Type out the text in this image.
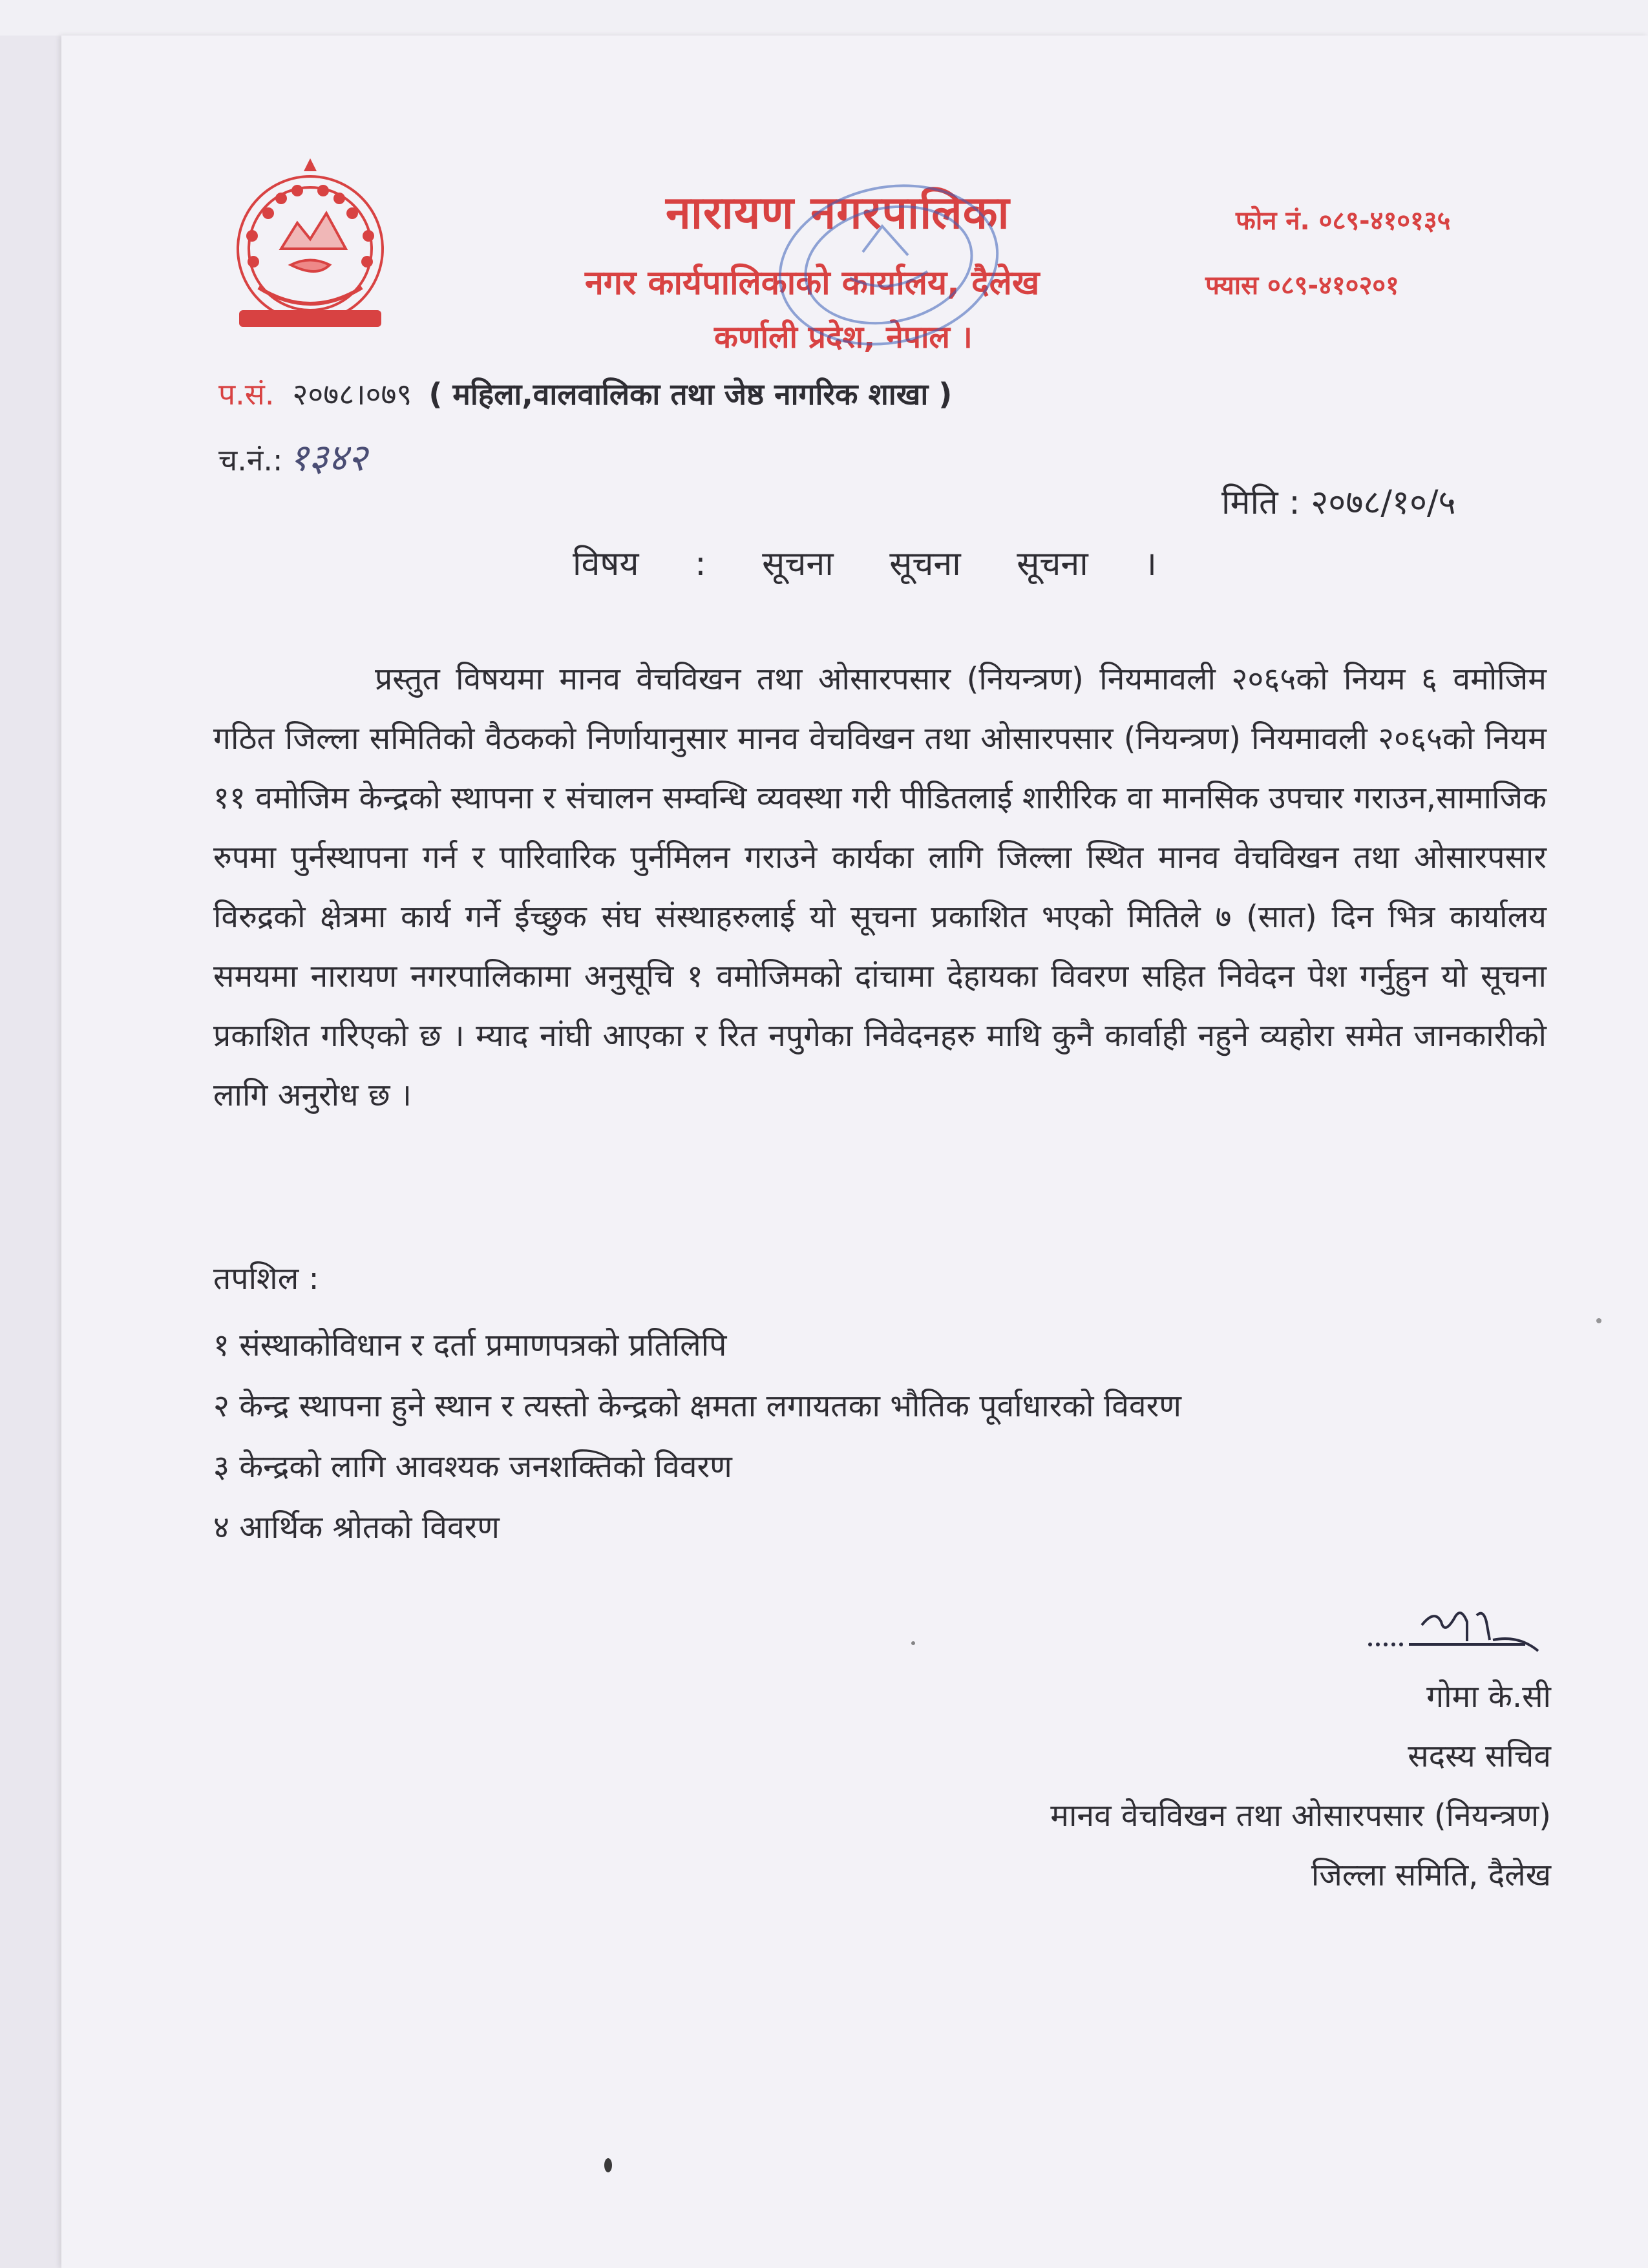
नारायण नगरपालिका
नगर कार्यपालिकाको कार्यालय, दैलेख
कर्णाली प्रदेश, नेपाल ।
फोन नं. ०८९-४१०१३५
फ्यास ०८९-४१०२०१
प.सं. २०७८।०७९ ( महिला,वालवालिका तथा जेष्ठ नागरिक शाखा )
च.नं.: १३४२
मिति : २०७८/१०/५
विषय : सूचना सूचना सूचना ।
प्रस्तुत विषयमा मानव वेचविखन तथा ओसारपसार (नियन्त्रण) नियमावली २०६५को नियम ६ वमोजिम गठित जिल्ला समितिको वैठकको निर्णायानुसार मानव वेचविखन तथा ओसारपसार (नियन्त्रण) नियमावली २०६५को नियम ११ वमोजिम केन्द्रको स्थापना र संचालन सम्वन्धि व्यवस्था गरी पीडितलाई शारीरिक वा मानसिक उपचार गराउन,सामाजिक रुपमा पुर्नस्थापना गर्न र पारिवारिक पुर्नमिलन गराउने कार्यका लागि जिल्ला स्थित मानव वेचविखन तथा ओसारपसार विरुद्रको क्षेत्रमा कार्य गर्ने ईच्छुक संघ संस्थाहरुलाई यो सूचना प्रकाशित भएको मितिले ७ (सात) दिन भित्र कार्यालय समयमा नारायण नगरपालिकामा अनुसूचि १ वमोजिमको दांचामा देहायका विवरण सहित निवेदन पेश गर्नुहुन यो सूचना प्रकाशित गरिएको छ । म्याद नांघी आएका र रित नपुगेका निवेदनहरु माथि कुनै कार्वाही नहुने व्यहोरा समेत जानकारीको लागि अनुरोध छ ।
तपशिल :
१ संस्थाकोविधान र दर्ता प्रमाणपत्रको प्रतिलिपि
२ केन्द्र स्थापना हुने स्थान र त्यस्तो केन्द्रको क्षमता लगायतका भौतिक पूर्वाधारको विवरण
३ केन्द्रको लागि आवश्यक जनशक्तिको विवरण
४ आर्थिक श्रोतको विवरण
गोमा के.सी
सदस्य सचिव
मानव वेचविखन तथा ओसारपसार (नियन्त्रण)
जिल्ला समिति, दैलेख
